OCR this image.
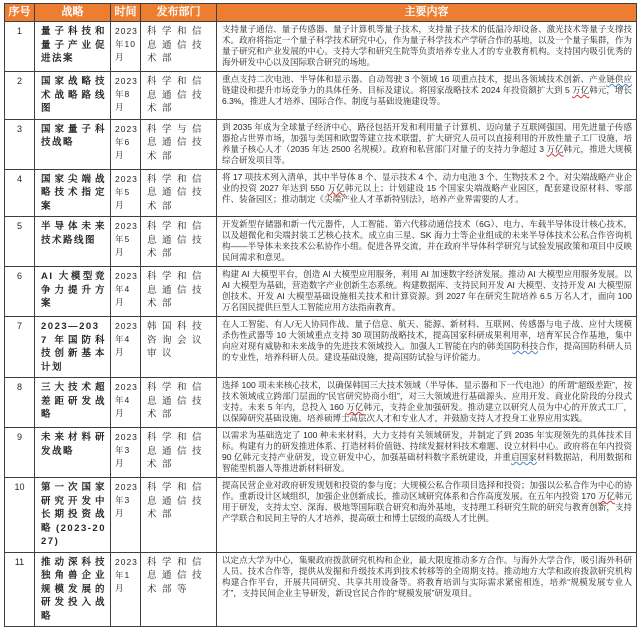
序号	战略	时间	发布部门	主要内容
1	量子科技和 量子产业促 进法案	2023年10月	科学和信息通信技术部	支持量子通信、量子传感器、量子计算机等量子技术，支持量子技术的低温冷却设备、激光技术等量子支撑技术。政府将指定一个量子科学技术研究中心，作为量子科学技术产学研合作的基地，以及一个量子集群，作为量子研究和产业发展的中心。支持大学和研究生院等负责培养专业人才的专业教育机构。支持国内吸引优秀的海外研发中心以及国际联合研究的场地。
2	国家战略技术战略路线图	2023年8月	科学和信息通信技术部	重点支持二次电池、半导体和显示器、自动驾驶 3 个领域 16 项重点技术，提出各领域技术创新、产业链供应链建设和提升市场竞争力的具体任务、目标及建议。将国家战略技术 2024 年投资额扩大到 5 万亿韩元，增长 6.3%，推进人才培养、国际合作、制度与基础设施建设等。
3	国家量子科技战略	2023年6月	科学与信息通信技术部	到 2035 年成为全球量子经济中心，路径包括开发和利用量子计算机、迈向量子互联网强国、用先进量子传感器抢占世界市场，加强与美国和欧盟等建立技术联盟，扩大研究人员可以直接利用的开放性量子工厂设施，培养量子核心人才（2035 年达 2500 名规模）。政府和私营部门对量子的支持力争超过 3 万亿韩元，推进大规模综合研发项目等。
4	国家尖端战略技术指定案	2023年5月	科学和信息通信技术部	将 17 项技术列入清单，其中半导体 8 个、显示技术 4 个、动力电池 3 个、生物技术 2 个。对尖端战略产业企业的投资 2027 年达到 550 万亿韩元以上；计划建设 15 个国家尖端战略产业园区，配套建设原材料、零部件、装备园区；推动制定《尖端产业人才革新特别法》，培养产业界需要的人才。
5	半导体未来技术路线图	2023年5月	科学和信息通信技术部	开发新型存储器和新一代元器件，人工智能、第六代移动通信技术（6G）、电力、车载半导体设计核心技术，以及超微化和尖端封装工艺核心技术。成立由三星、SK 海力士等企业组成的未来半导体技术公私合作咨询机构——半导体未来技术公私协作小组。促进各界交流，并在政府半导体科学研究与试验发展政策和项目中反映民间需求和意见。
6	AI 大模型竞争力提升方案	2023年4月	科学和信息通信技术部	构建 AI 大模型平台，创造 AI 大模型应用服务，利用 AI 加速数字经济发展。推动 AI 大模型应用服务发展。以 AI 大模型为基础，营造数字产业创新生态系统。构建数据库、支持民间开发 AI 大模型、支持开发 AI 大模型原创技术、开发 AI 大模型基础设施相关技术和计算资源。到 2027 年在研究生院培养 6.5 万名人才，面向 100 万名国民提供巨型人工智能应用方法指南教育。
7	2023—2037 年国防科技创新基本计划	2023年4月	韩国科技咨询会议审议	在人工智能、有人/无人协同作战、量子信息、航天、能源、新材料、互联网、传感器与电子战、应付大规模杀伤性武器等 10 大领域重点支持 30 项国防战略技术，提高国家科研成果利用率，培育军民合作基地，集中向应对现有威胁和未来战争的先进技术领域投入。加强人工智能在内的韩美国防科技合作，提高国防科研人员的专业性，培养科研人员。建设基础设施，提高国防试验与评价能力。
8	三大技术超差距研发战略	2023年4月	科学和信息通信技术部	选择 100 项未来核心技术，以确保韩国三大技术领域（半导体、显示器和下一代电池）的所谓“超级差距”，按技术领域成立跨部门层面的“民官研究协商小组”，对三大领域进行基础源头、应用开发、商业化阶段的分段式支持。未来 5 年内，总投入 160 万亿韩元，支持企业加强研发。推动建立以研究人员为中心的开放式工厂，以保障研究基础设施。培养硕博士高层次人才和专业人才，并鼓励支持人才投身工业界应用实践。
9	未来材料研发战略	2023年3月	科学和信息通信技术部	以需求为基础选定了 100 种未来材料，大力支持有关领域研发，并制定了到 2035 年实现领先的具体技术目标。构建有力的研发推进体系、打造材料价值链、持续发掘材料技术难题、设立材料中心。政府将在年内投资 90 亿韩元支持产业研发，设立研发中心，加强基础材料数字系统建设，并重启国家材料数据站，利用数据和智能型机器人等推进新材料研发。
10	第一次国家研究开发中长期投资战略(2023-2027)	2023年3月	科学和信息通信技术部	提高民营企业对政府研发规划和投资的参与度；大规模公私合作项目选择和投资；加强以公私合作为中心的协作。重新设计区域组织，加强企业创新成长，推动区域研究体系和合作高度发展。在五年内投资 170 万亿韩元用于研发，支持太空、深海、极地等国际联合研究和海外基地，支持理工科研究生院的研究与教育创新，支持产学联合和民间主导的人才培养，提高硕士和博士层级的高级人才比例。
11	推动深科技独角兽企业规模发展的研发投入战略	2023年1月	科学和信息通信技术部等	以定点大学为中心，集聚政府拨款研究机构和企业，最大限度推动多方合作。与海外大学合作，吸引海外科研人员、技术合作等，提供从发掘和升级技术再到技术转移等的全周期支持。推动地方大学和政府拨款研究机构构建合作平台，开展共同研究、共享共用设备等。将教育培训与实际需求紧密相连，培养“规模发展专业人才”，支持民间企业主导研发，新设官民合作的“规模发展”研发项目。
